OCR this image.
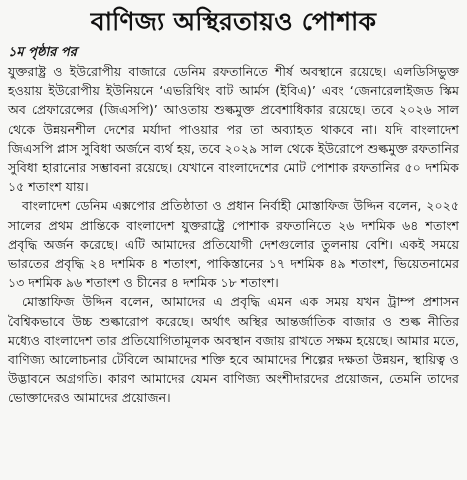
বাণিজ্য অস্থিরতায়ও পোশাক

১ম পৃষ্ঠার পর

যুক্তরাষ্ট্র ও ইউরোপীয় বাজারে ডেনিম রফতানিতে শীর্ষ অবস্থানে রয়েছে। এলডিসিভুক্ত হওয়ায় ইউরোপীয় ইউনিয়নে ‘এভরিথিং বাট আর্মস (ইবিএ)’ এবং ‘জেনারেলাইজড স্কিম অব প্রেফারেন্সের (জিএসপি)’ আওতায় শুল্কমুক্ত প্রবেশাধিকার রয়েছে। তবে ২০২৬ সাল থেকে উন্নয়নশীল দেশের মর্যাদা পাওয়ার পর তা অব্যাহত থাকবে না। যদি বাংলাদেশ জিএসপি প্লাস সুবিধা অর্জনে ব্যর্থ হয়, তবে ২০২৯ সাল থেকে ইউরোপে শুল্কমুক্ত রফতানির সুবিধা হারানোর সম্ভাবনা রয়েছে। যেখানে বাংলাদেশের মোট পোশাক রফতানির ৫০ দশমিক ১৫ শতাংশ যায়।

বাংলাদেশ ডেনিম এক্সপোর প্রতিষ্ঠাতা ও প্রধান নির্বাহী মোস্তাফিজ উদ্দিন বলেন, ২০২৫ সালের প্রথম প্রান্তিকে বাংলাদেশ যুক্তরাষ্ট্রে পোশাক রফতানিতে ২৬ দশমিক ৬৪ শতাংশ প্রবৃদ্ধি অর্জন করেছে। এটি আমাদের প্রতিযোগী দেশগুলোর তুলনায় বেশি। একই সময়ে ভারতের প্রবৃদ্ধি ২৪ দশমিক ৪ শতাংশ, পাকিস্তানের ১৭ দশমিক ৪৯ শতাংশ, ভিয়েতনামের ১৩ দশমিক ৯৬ শতাংশ ও চীনের ৪ দশমিক ১৮ শতাংশ।

মোস্তাফিজ উদ্দিন বলেন, আমাদের এ প্রবৃদ্ধি এমন এক সময় যখন ট্রাম্প প্রশাসন বৈশ্বিকভাবে উচ্চ শুল্কারোপ করেছে। অর্থাৎ অস্থির আন্তর্জাতিক বাজার ও শুল্ক নীতির মধ্যেও বাংলাদেশ তার প্রতিযোগিতামূলক অবস্থান বজায় রাখতে সক্ষম হয়েছে। আমার মতে, বাণিজ্য আলোচনার টেবিলে আমাদের শক্তি হবে আমাদের শিল্পের দক্ষতা উন্নয়ন, স্থায়িত্ব ও উদ্ভাবনে অগ্রগতি। কারণ আমাদের যেমন বাণিজ্য অংশীদারদের প্রয়োজন, তেমনি তাদের ভোক্তাদেরও আমাদের প্রয়োজন।
